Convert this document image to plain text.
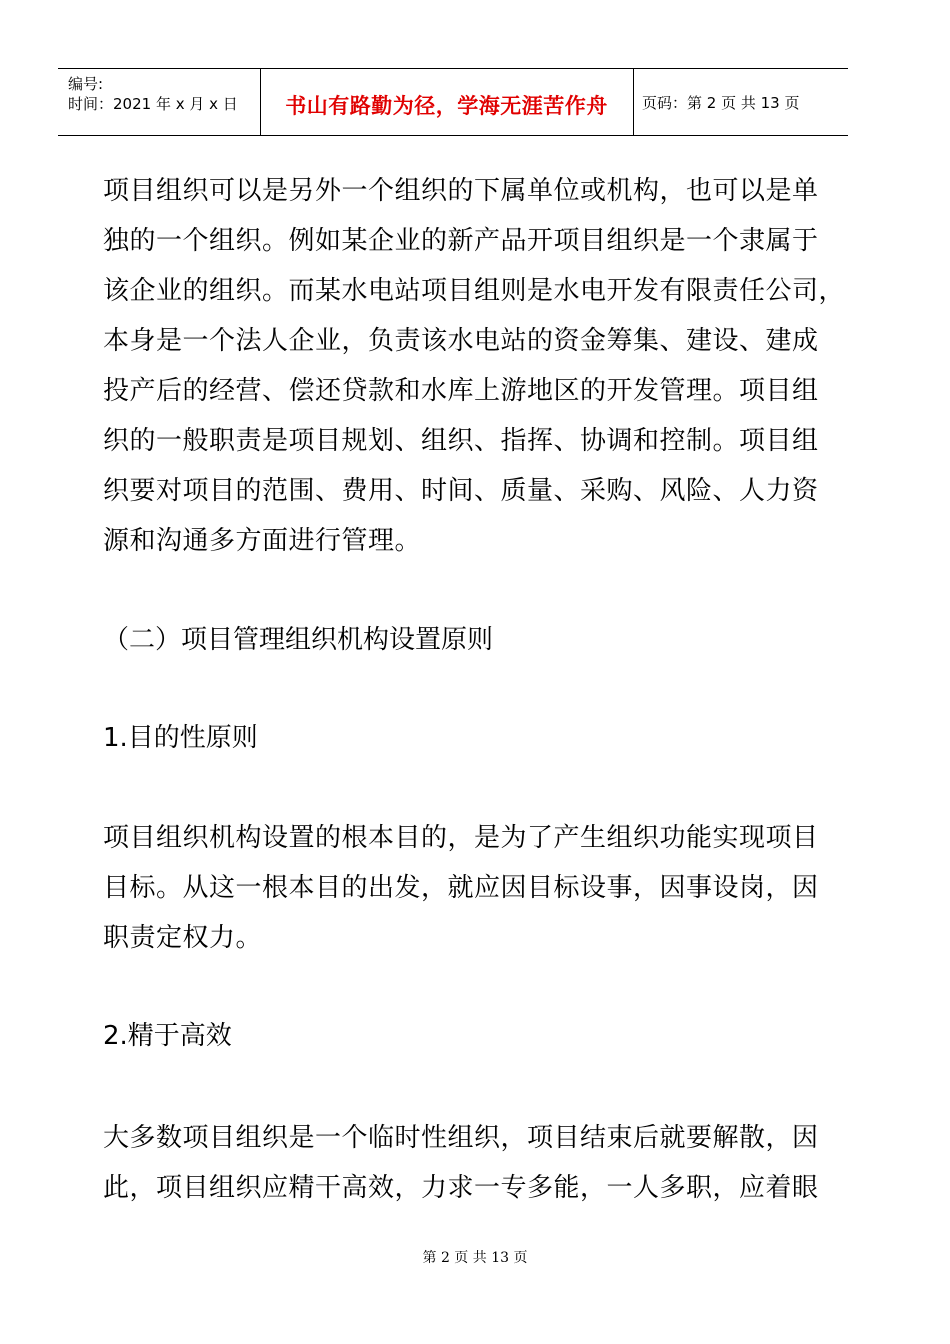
编号:
时间：2021 年 x 月 x 日	书山有路勤为径，学海无涯苦作舟	页码：第 2 页 共 13 页
项目组织可以是另外一个组织的下属单位或机构，也可以是单
独的一个组织。例如某企业的新产品开项目组织是一个隶属于
该企业的组织。而某水电站项目组则是水电开发有限责任公司，
本身是一个法人企业，负责该水电站的资金筹集、建设、建成
投产后的经营、偿还贷款和水库上游地区的开发管理。项目组
织的一般职责是项目规划、组织、指挥、协调和控制。项目组
织要对项目的范围、费用、时间、质量、采购、风险、人力资
源和沟通多方面进行管理。
（二）项目管理组织机构设置原则
1.目的性原则
项目组织机构设置的根本目的，是为了产生组织功能实现项目
目标。从这一根本目的出发，就应因目标设事，因事设岗，因
职责定权力。
2.精于高效
大多数项目组织是一个临时性组织，项目结束后就要解散，因
此，项目组织应精干高效，力求一专多能，一人多职，应着眼
第 2 页 共 13 页
